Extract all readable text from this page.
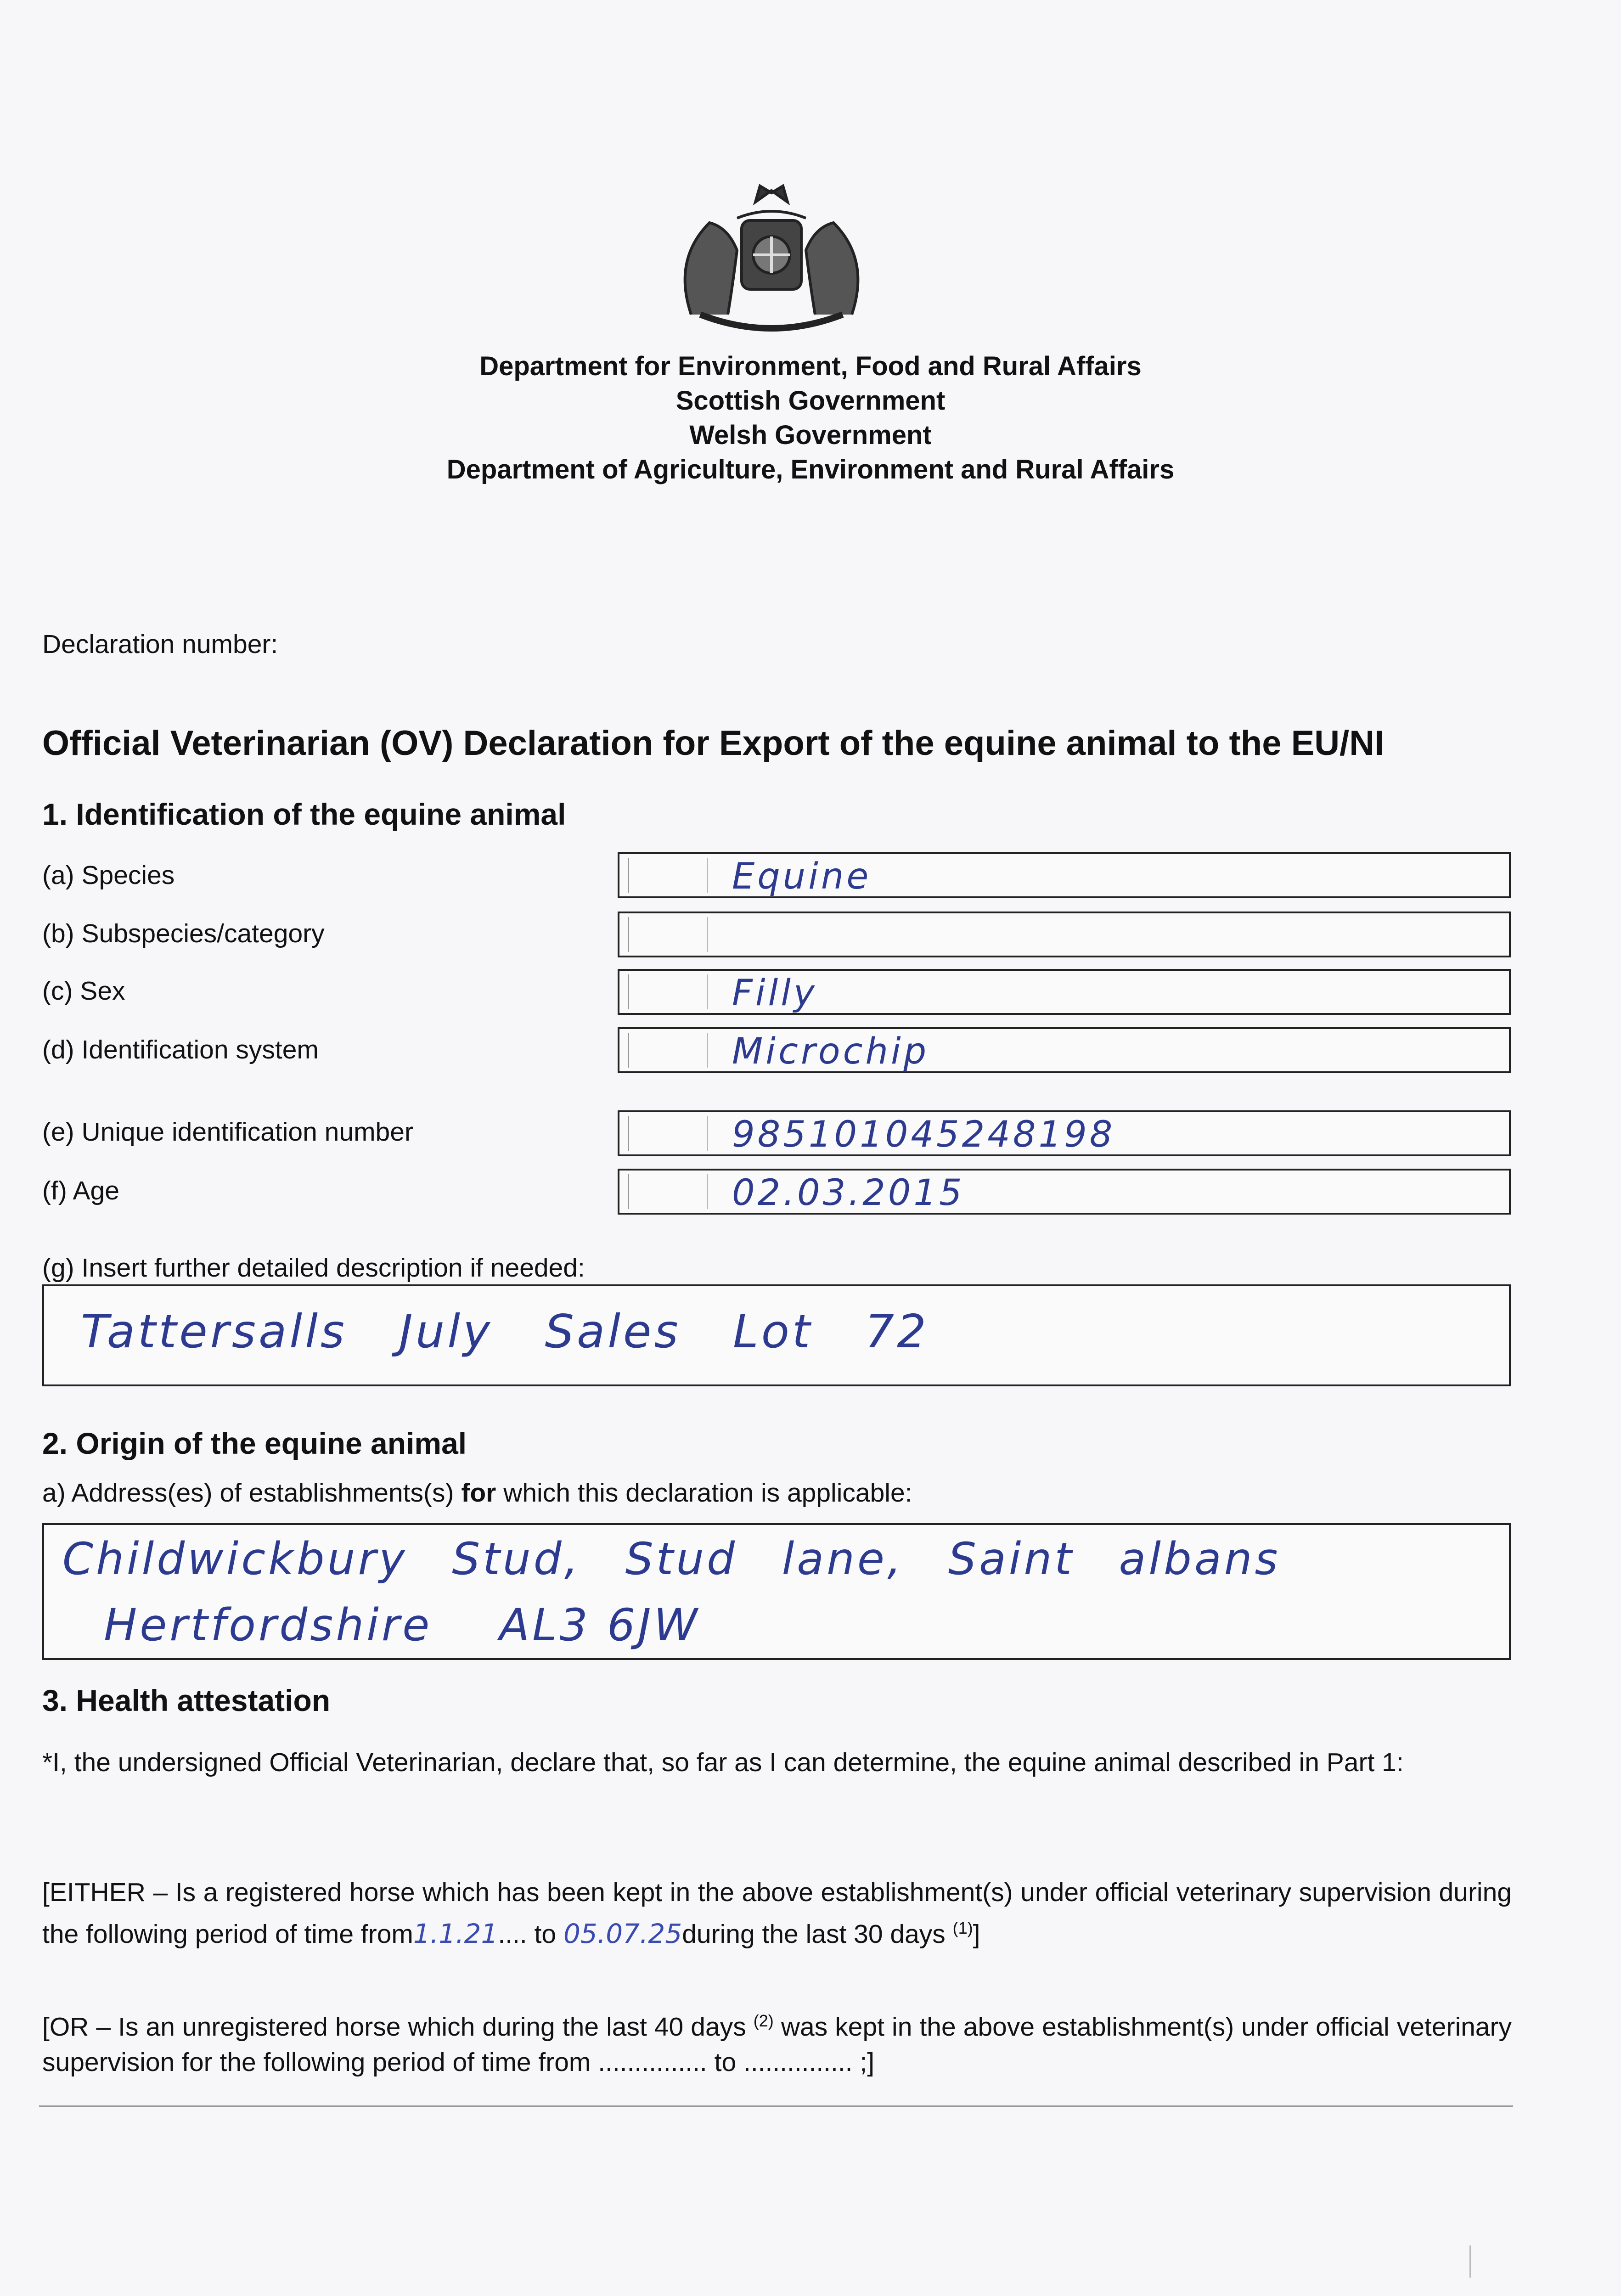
Department for Environment, Food and Rural Affairs
Scottish Government
Welsh Government
Department of Agriculture, Environment and Rural Affairs
Declaration number:
Official Veterinarian (OV) Declaration for Export of the equine animal to the EU/NI
1. Identification of the equine animal
(a) Species	Equine
(b) Subspecies/category
(c) Sex	Filly
(d) Identification system	Microchip
(e) Unique identification number	985101045248198
(f) Age	02.03.2015
(g) Insert further detailed description if needed:
Tattersalls   July   Sales   Lot   72
2. Origin of the equine animal
a) Address(es) of establishments(s) for which this declaration is applicable:
Childwickbury Stud, Stud lane, Saint albans
Hertfordshire    AL3 6JW
3. Health attestation
*I, the undersigned Official Veterinarian, declare that, so far as I can determine, the equine animal described in Part 1:
[EITHER – Is a registered horse which has been kept in the above establishment(s) under official veterinary supervision during the following period of time from1.1.21.... to 05.07.25during the last 30 days $^{(1)}$]
[OR – Is an unregistered horse which during the last 40 days $^{(2)}$ was kept in the above establishment(s) under official veterinary supervision for the following period of time from ............... to ............... ;]
